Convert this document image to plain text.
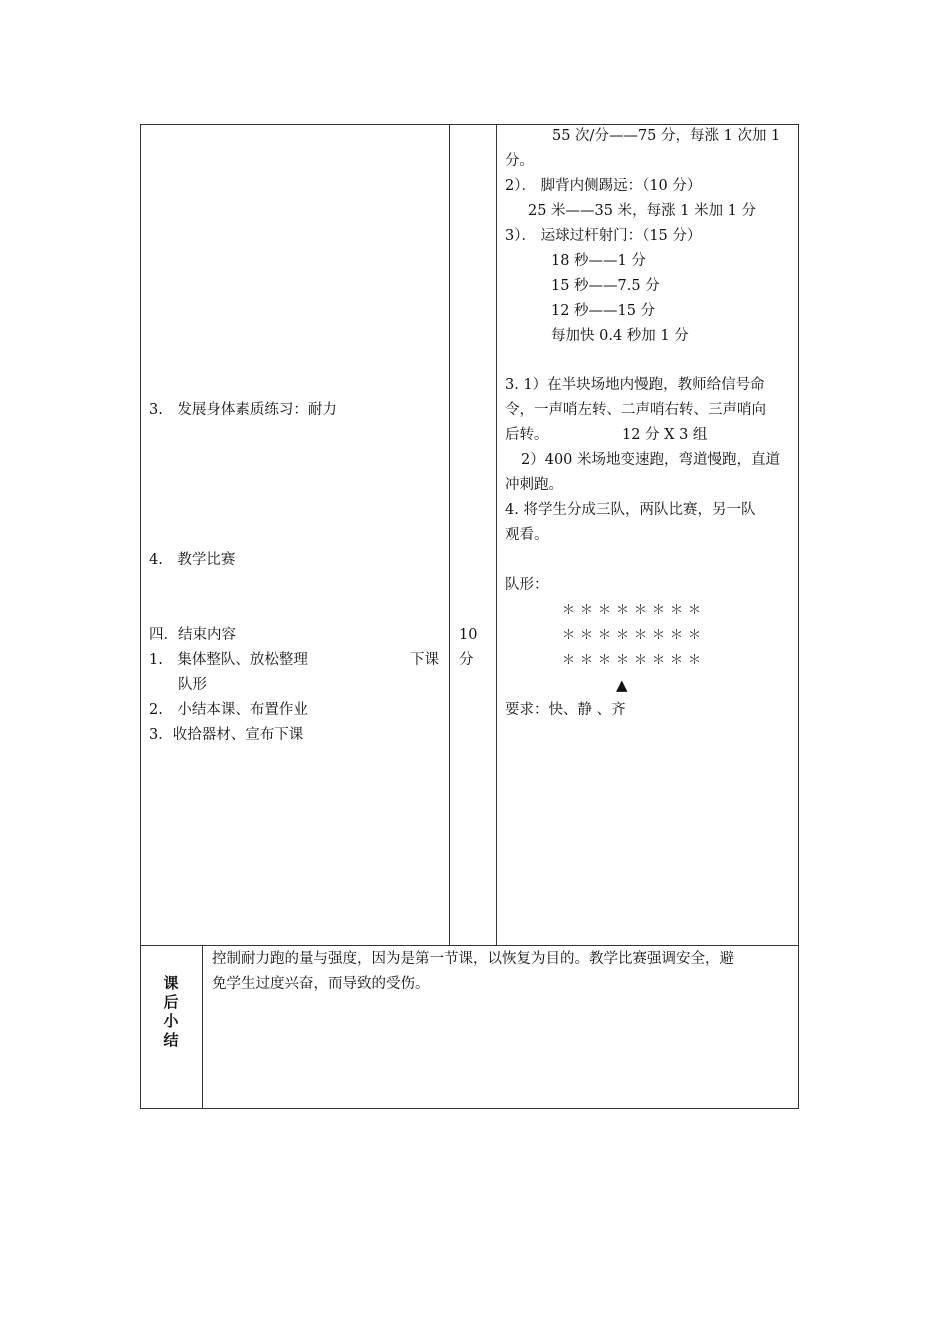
3.　发展身体素质练习：耐力
4.　教学比赛
四．结束内容
1.　集体整队、放松整理	下课
队形
2.　小结本课、布置作业
3．收拾器材、宣布下课
10
分
55 次/分——75 分，每涨 1 次加 1
分。
2）． 脚背内侧踢远：（10 分）
25 米——35 米，每涨 1 米加 1 分
3）． 运球过杆射门：（15 分）
18 秒——1 分
15 秒——7.5 分
12 秒——15 分
每加快 0.4 秒加 1 分
3. 1）在半块场地内慢跑，教师给信号命
令，一声哨左转、二声哨右转、三声哨向
后转。	12 分 X 3 组
2）400 米场地变速跑，弯道慢跑，直道
冲刺跑。
4. 将学生分成三队，两队比赛，另一队
观看。
队形：
＊＊＊＊＊＊＊＊
＊＊＊＊＊＊＊＊
＊＊＊＊＊＊＊＊
▲
要求：快、静 、齐
课
后
小
结
控制耐力跑的量与强度，因为是第一节课，以恢复为目的。教学比赛强调安全，避
免学生过度兴奋，而导致的受伤。
